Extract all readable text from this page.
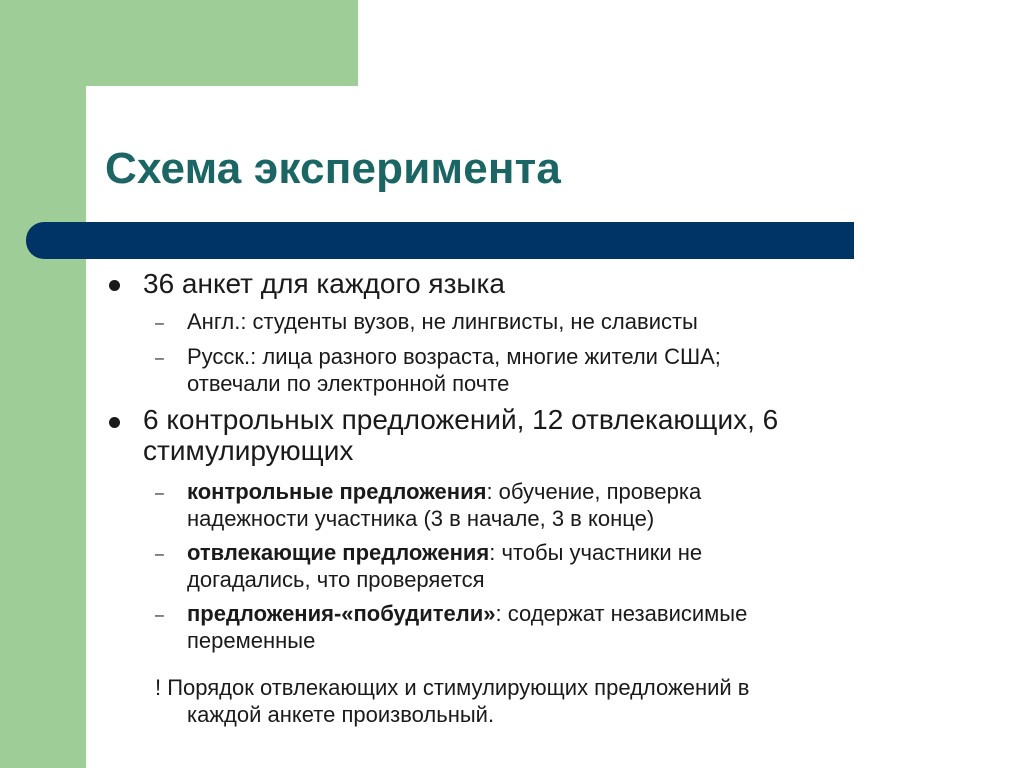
Схема эксперимента
36 анкет для каждого языка
– Англ.: студенты вузов, не лингвисты, не слависты
– Русск.: лица разного возраста, многие жители США;
отвечали по электронной почте
6 контрольных предложений, 12 отвлекающих, 6
стимулирующих
– контрольные предложения: обучение, проверка
надежности участника (3 в начале, 3 в конце)
– отвлекающие предложения: чтобы участники не
догадались, что проверяется
– предложения-«побудители»: содержат независимые
переменные
! Порядок отвлекающих и стимулирующих предложений в
каждой анкете произвольный.
